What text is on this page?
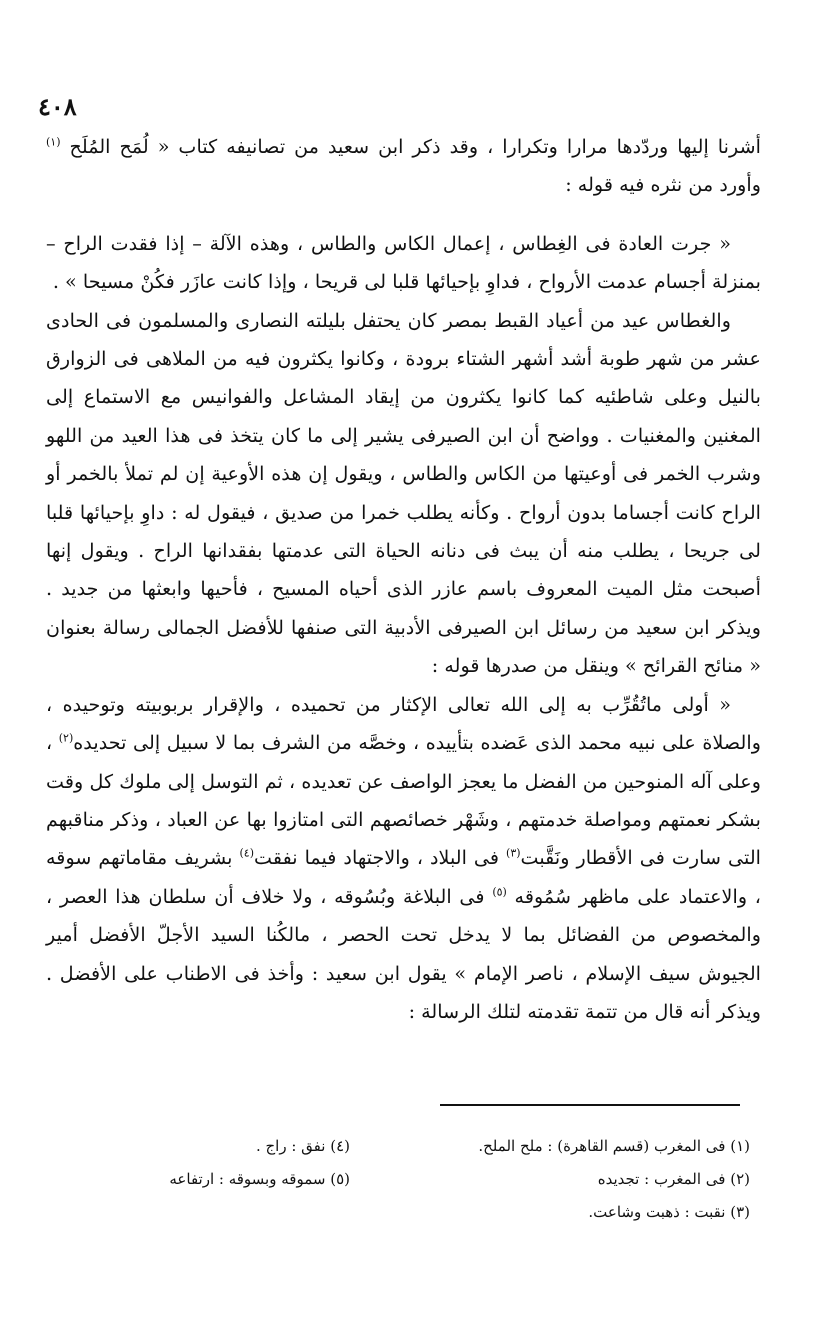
٤٠٨

أشرنا إليها وردّدها مرارا وتكرارا ، وقد ذكر ابن سعيد من تصانيفه كتاب « لُمَح المُلَح $^{(١)}$ وأورد من نثره فيه قوله :

« جرت العادة فى الغِطاس ، إعمال الكاس والطاس ، وهذه الآلة – إذا فقدت الراح – بمنزلة أجسام عدمت الأرواح ، فداوِ بإحيائها قلبا لى قريحا ، وإذا كانت عازَر فكُنْ مسيحا » .

والغطاس عيد من أعياد القبط بمصر كان يحتفل بليلته النصارى والمسلمون فى الحادى عشر من شهر طوبة أشد أشهر الشتاء برودة ، وكانوا يكثرون فيه من الملاهى فى الزوارق بالنيل وعلى شاطئيه كما كانوا يكثرون من إيقاد المشاعل والفوانيس مع الاستماع إلى المغنين والمغنيات . وواضح أن ابن الصيرفى يشير إلى ما كان يتخذ فى هذا العيد من اللهو وشرب الخمر فى أوعيتها من الكاس والطاس ، ويقول إن هذه الأوعية إن لم تملأ بالخمر أو الراح كانت أجساما بدون أرواح . وكأنه يطلب خمرا من صديق ، فيقول له : داوِ بإحيائها قلبا لى جريحا ، يطلب منه أن يبث فى دنانه الحياة التى عدمتها بفقدانها الراح . ويقول إنها أصبحت مثل الميت المعروف باسم عازر الذى أحياه المسيح ، فأحيها وابعثها من جديد . ويذكر ابن سعيد من رسائل ابن الصيرفى الأدبية التى صنفها للأفضل الجمالى رسالة بعنوان « منائح القرائح » وينقل من صدرها قوله :

« أولى ماتُقُرِّب به إلى الله تعالى الإكثار من تحميده ، والإقرار بربوبيته وتوحيده ، والصلاة على نبيه محمد الذى عَضده بتأييده ، وخصَّه من الشرف بما لا سبيل إلى تحديده$^{(٢)}$ ، وعلى آله المنوحين من الفضل ما يعجز الواصف عن تعديده ، ثم التوسل إلى ملوك كل وقت بشكر نعمتهم ومواصلة خدمتهم ، وشَهْر خصائصهم التى امتازوا بها عن العباد ، وذكر مناقبهم التى سارت فى الأقطار ونَقَّبت$^{(٣)}$ فى البلاد ، والاجتهاد فيما نفقت$^{(٤)}$ بشريف مقاماتهم سوقه ، والاعتماد على ماظهر سُمُوقه $^{(٥)}$ فى البلاغة وبُسُوقه ، ولا خلاف أن سلطان هذا العصر ، والمخصوص من الفضائل بما لا يدخل تحت الحصر ، مالكُنا السيد الأجلّ الأفضل أمير الجيوش سيف الإسلام ، ناصر الإمام » يقول ابن سعيد : وأخذ فى الاطناب على الأفضل . ويذكر أنه قال من تتمة تقدمته لتلك الرسالة :

(١) فى المغرب (قسم القاهرة) : ملح الملح.
(٢) فى المغرب : تجديده
(٣) نقبت : ذهبت وشاعت.
(٤) نفق : راج .
(٥) سموقه وبسوقه : ارتفاعه
